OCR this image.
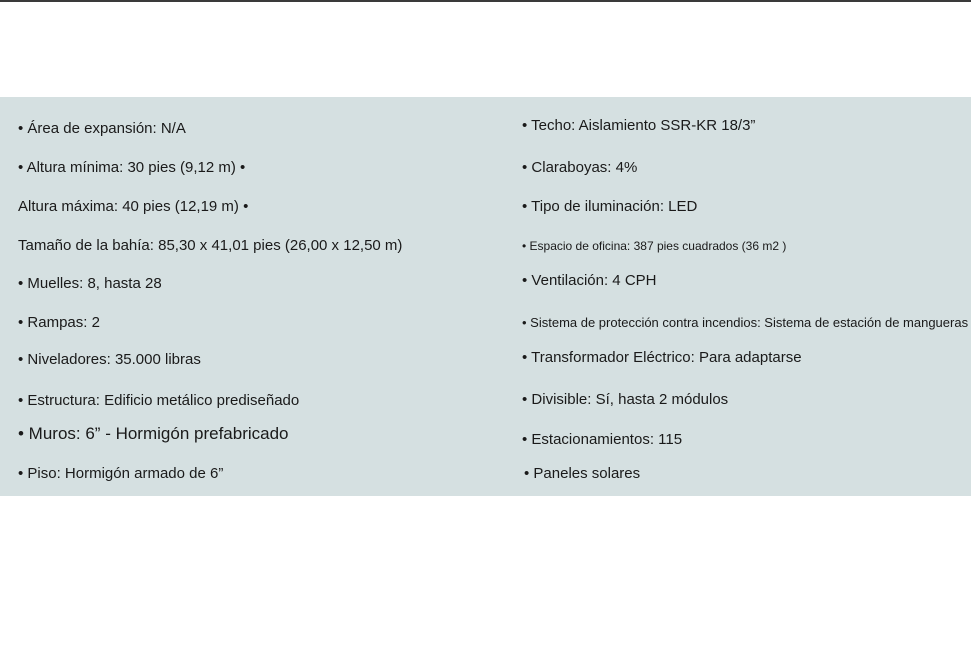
• Área de expansión: N/A
• Altura mínima: 30 pies (9,12 m) •
Altura máxima: 40 pies (12,19 m) •
Tamaño de la bahía: 85,30 x 41,01 pies (26,00 x 12,50 m)
• Muelles: 8, hasta 28
• Rampas: 2
• Niveladores: 35.000 libras
• Estructura: Edificio metálico prediseñado
• Muros: 6” - Hormigón prefabricado
• Piso: Hormigón armado de 6”
• Techo: Aislamiento SSR-KR 18/3”
• Claraboyas: 4%
• Tipo de iluminación: LED
• Espacio de oficina: 387 pies cuadrados (36 m2 )
• Ventilación: 4 CPH
• Sistema de protección contra incendios: Sistema de estación de mangueras
• Transformador Eléctrico: Para adaptarse
• Divisible: Sí, hasta 2 módulos
• Estacionamientos: 115
• Paneles solares
